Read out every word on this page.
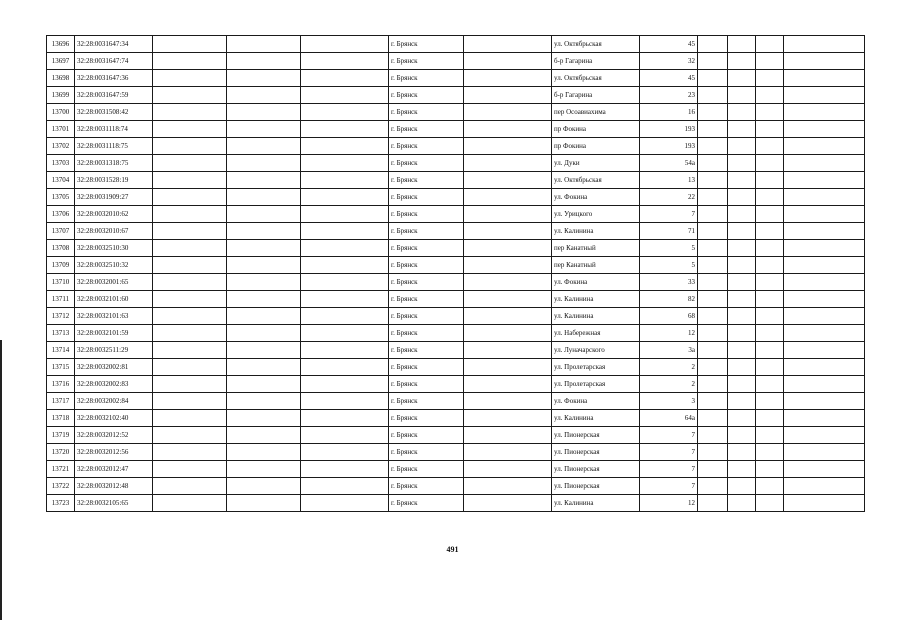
13696	32:28:0031647:34				г. Брянск		ул. Октябрьская	45				
13697	32:28:0031647:74				г. Брянск		б-р Гагарина	32				
13698	32:28:0031647:36				г. Брянск		ул. Октябрьская	45				
13699	32:28:0031647:59				г. Брянск		б-р Гагарина	23				
13700	32:28:0031508:42				г. Брянск		пер Осоавиахима	16				
13701	32:28:0031118:74				г. Брянск		пр Фокина	193				
13702	32:28:0031118:75				г. Брянск		пр Фокина	193				
13703	32:28:0031318:75				г. Брянск		ул. Дуки	54а				
13704	32:28:0031528:19				г. Брянск		ул. Октябрьская	13				
13705	32:28:0031909:27				г. Брянск		ул. Фокина	22				
13706	32:28:0032010:62				г. Брянск		ул. Урицкого	7				
13707	32:28:0032010:67				г. Брянск		ул. Калинина	71				
13708	32:28:0032510:30				г. Брянск		пер Канатный	5				
13709	32:28:0032510:32				г. Брянск		пер Канатный	5				
13710	32:28:0032001:65				г. Брянск		ул. Фокина	33				
13711	32:28:0032101:60				г. Брянск		ул. Калинина	82				
13712	32:28:0032101:63				г. Брянск		ул. Калинина	68				
13713	32:28:0032101:59				г. Брянск		ул. Набережная	12				
13714	32:28:0032511:29				г. Брянск		ул. Луначарского	3а				
13715	32:28:0032002:81				г. Брянск		ул. Пролетарская	2				
13716	32:28:0032002:83				г. Брянск		ул. Пролетарская	2				
13717	32:28:0032002:84				г. Брянск		ул. Фокина	3				
13718	32:28:0032102:40				г. Брянск		ул. Калинина	64а				
13719	32:28:0032012:52				г. Брянск		ул. Пионерская	7				
13720	32:28:0032012:56				г. Брянск		ул. Пионерская	7				
13721	32:28:0032012:47				г. Брянск		ул. Пионерская	7				
13722	32:28:0032012:48				г. Брянск		ул. Пионерская	7				
13723	32:28:0032105:65				г. Брянск		ул. Калинина	12				
491
